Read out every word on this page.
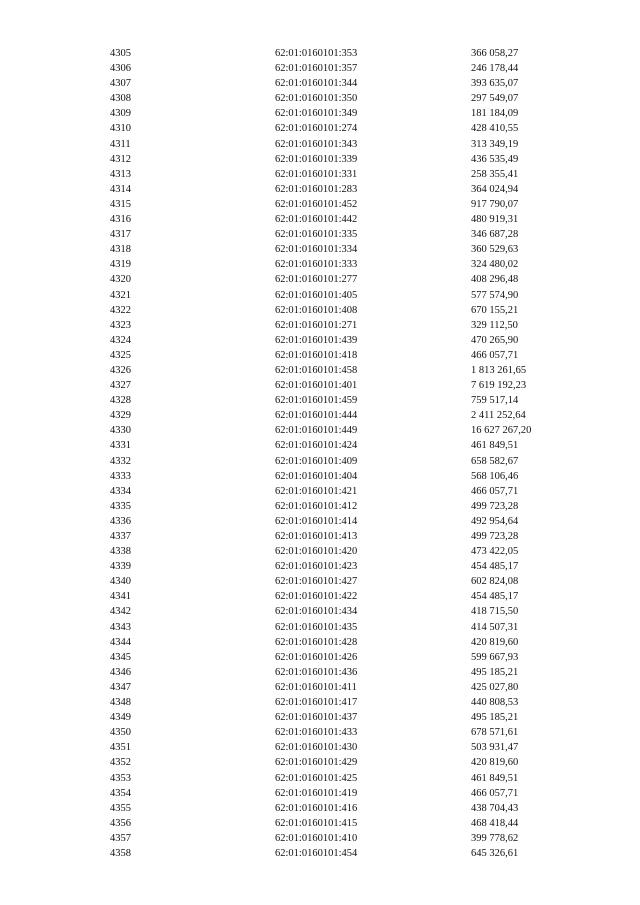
4305	62:01:0160101:353	366 058,27
4306	62:01:0160101:357	246 178,44
4307	62:01:0160101:344	393 635,07
4308	62:01:0160101:350	297 549,07
4309	62:01:0160101:349	181 184,09
4310	62:01:0160101:274	428 410,55
4311	62:01:0160101:343	313 349,19
4312	62:01:0160101:339	436 535,49
4313	62:01:0160101:331	258 355,41
4314	62:01:0160101:283	364 024,94
4315	62:01:0160101:452	917 790,07
4316	62:01:0160101:442	480 919,31
4317	62:01:0160101:335	346 687,28
4318	62:01:0160101:334	360 529,63
4319	62:01:0160101:333	324 480,02
4320	62:01:0160101:277	408 296,48
4321	62:01:0160101:405	577 574,90
4322	62:01:0160101:408	670 155,21
4323	62:01:0160101:271	329 112,50
4324	62:01:0160101:439	470 265,90
4325	62:01:0160101:418	466 057,71
4326	62:01:0160101:458	1 813 261,65
4327	62:01:0160101:401	7 619 192,23
4328	62:01:0160101:459	759 517,14
4329	62:01:0160101:444	2 411 252,64
4330	62:01:0160101:449	16 627 267,20
4331	62:01:0160101:424	461 849,51
4332	62:01:0160101:409	658 582,67
4333	62:01:0160101:404	568 106,46
4334	62:01:0160101:421	466 057,71
4335	62:01:0160101:412	499 723,28
4336	62:01:0160101:414	492 954,64
4337	62:01:0160101:413	499 723,28
4338	62:01:0160101:420	473 422,05
4339	62:01:0160101:423	454 485,17
4340	62:01:0160101:427	602 824,08
4341	62:01:0160101:422	454 485,17
4342	62:01:0160101:434	418 715,50
4343	62:01:0160101:435	414 507,31
4344	62:01:0160101:428	420 819,60
4345	62:01:0160101:426	599 667,93
4346	62:01:0160101:436	495 185,21
4347	62:01:0160101:411	425 027,80
4348	62:01:0160101:417	440 808,53
4349	62:01:0160101:437	495 185,21
4350	62:01:0160101:433	678 571,61
4351	62:01:0160101:430	503 931,47
4352	62:01:0160101:429	420 819,60
4353	62:01:0160101:425	461 849,51
4354	62:01:0160101:419	466 057,71
4355	62:01:0160101:416	438 704,43
4356	62:01:0160101:415	468 418,44
4357	62:01:0160101:410	399 778,62
4358	62:01:0160101:454	645 326,61
